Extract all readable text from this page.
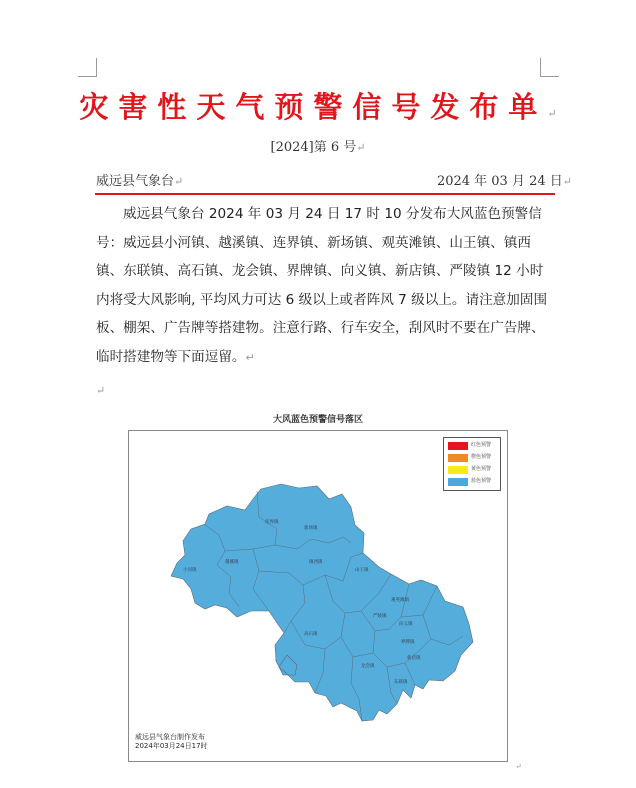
灾害性天气预警信号发布单↵
[2024]第 6 号↵
威远县气象台↵	2024 年 03 月 24 日↵
威远县气象台 2024 年 03 月 24 日 17 时 10 分发布大风蓝色预警信号：威远县小河镇、越溪镇、连界镇、新场镇、观英滩镇、山王镇、镇西镇、东联镇、高石镇、龙会镇、界牌镇、向义镇、新店镇、严陵镇 12 小时内将受大风影响, 平均风力可达 6 级以上或者阵风 7 级以上。请注意加固围板、棚架、广告牌等搭建物。注意行路、行车安全，刮风时不要在广告牌、临时搭建物等下面逗留。↵
↵
大风蓝色预警信号落区
连界镇
越溪镇
新场镇
小河镇
镇西镇
山王镇
观英滩镇
严陵镇
向义镇
界牌镇
新店镇
高石镇
龙会镇
东联镇
红色预警
橙色预警
黄色预警
蓝色预警
威远县气象台制作发布
2024年03月24日17时
↵
